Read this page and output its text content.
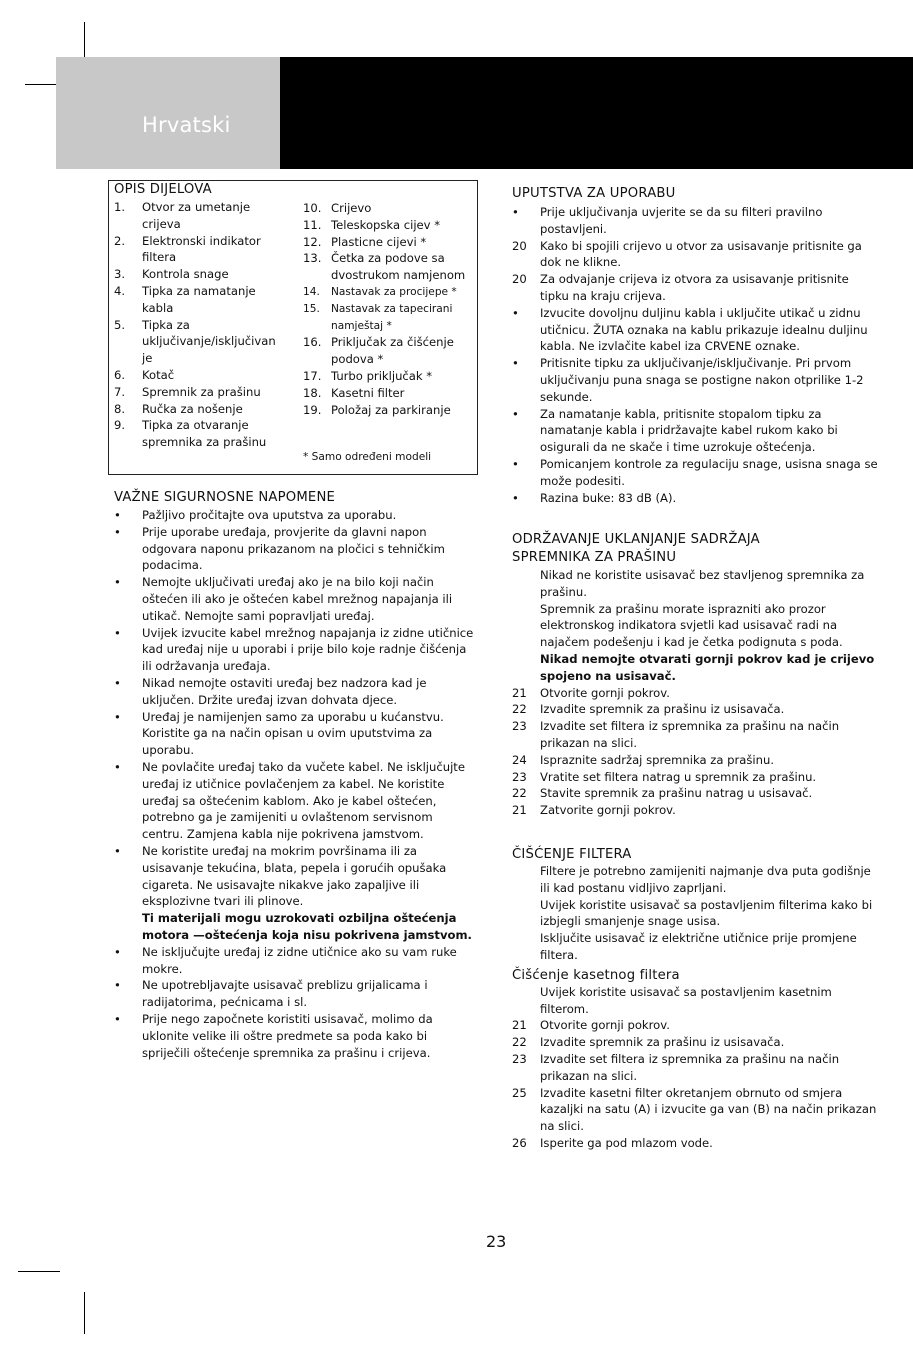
Hrvatski
OPIS DIJELOVA
1. Otvor za umetanje crijeva
2. Elektronski indikator filtera
3. Kontrola snage
4. Tipka za namatanje kabla
5. Tipka za uključivanje/isključivan je
6. Kotač
7. Spremnik za prašinu
8. Ručka za nošenje
9. Tipka za otvaranje spremnika za prašinu
10. Crijevo
11. Teleskopska cijev *
12. Plasticne cijevi *
13. Četka za podove sa dvostrukom namjenom
14. Nastavak za procijepe *
15. Nastavak za tapecirani namještaj *
16. Priključak za čišćenje podova *
17. Turbo priključak *
18. Kasetni filter
19. Položaj za parkiranje
* Samo određeni modeli
VAŽNE SIGURNOSNE NAPOMENE
• Pažljivo pročitajte ova uputstva za uporabu.
• Prije uporabe uređaja, provjerite da glavni napon odgovara naponu prikazanom na pločici s tehničkim podacima.
• Nemojte uključivati uređaj ako je na bilo koji način oštećen ili ako je oštećen kabel mrežnog napajanja ili utikač. Nemojte sami popravljati uređaj.
• Uvijek izvucite kabel mrežnog napajanja iz zidne utičnice kad uređaj nije u uporabi i prije bilo koje radnje čišćenja ili održavanja uređaja.
• Nikad nemojte ostaviti uređaj bez nadzora kad je uključen. Držite uređaj izvan dohvata djece.
• Uređaj je namijenjen samo za uporabu u kućanstvu. Koristite ga na način opisan u ovim uputstvima za uporabu.
• Ne povlačite uređaj tako da vučete kabel. Ne isključujte uređaj iz utičnice povlačenjem za kabel. Ne koristite uređaj sa oštećenim kablom. Ako je kabel oštećen, potrebno ga je zamijeniti u ovlaštenom servisnom centru. Zamjena kabla nije pokrivena jamstvom.
• Ne koristite uređaj na mokrim površinama ili za usisavanje tekućina, blata, pepela i gorućih opušaka cigareta. Ne usisavajte nikakve jako zapaljive ili eksplozivne tvari ili plinove.
Ti materijali mogu uzrokovati ozbiljna oštećenja motora —oštećenja koja nisu pokrivena jamstvom.
• Ne isključujte uređaj iz zidne utičnice ako su vam ruke mokre.
• Ne upotrebljavajte usisavač preblizu grijalicama i radijatorima, pećnicama i sl.
• Prije nego započnete koristiti usisavač, molimo da uklonite velike ili oštre predmete sa poda kako bi spriječili oštećenje spremnika za prašinu i crijeva.
UPUTSTVA ZA UPORABU
• Prije uključivanja uvjerite se da su filteri pravilno postavljeni.
20 Kako bi spojili crijevo u otvor za usisavanje pritisnite ga dok ne klikne.
20 Za odvajanje crijeva iz otvora za usisavanje pritisnite tipku na kraju crijeva.
• Izvucite dovoljnu duljinu kabla i uključite utikač u zidnu utičnicu. ŽUTA oznaka na kablu prikazuje idealnu duljinu kabla. Ne izvlačite kabel iza CRVENE oznake.
• Pritisnite tipku za uključivanje/isključivanje. Pri prvom uključivanju puna snaga se postigne nakon otprilike 1-2 sekunde.
• Za namatanje kabla, pritisnite stopalom tipku za namatanje kabla i pridržavajte kabel rukom kako bi osigurali da ne skače i time uzrokuje oštećenja.
• Pomicanjem kontrole za regulaciju snage, usisna snaga se može podesiti.
• Razina buke: 83 dB (A).
ODRŽAVANJE UKLANJANJE SADRŽAJA
SPREMNIKA ZA PRAŠINU

Nikad ne koristite usisavač bez stavljenog spremnika za prašinu.

Spremnik za prašinu morate isprazniti ako prozor elektronskog indikatora svjetli kad usisavač radi na najačem podešenju i kad je četka podignuta s poda.

Nikad nemojte otvarati gornji pokrov kad je crijevo spojeno na usisavač.

21 Otvorite gornji pokrov.
22 Izvadite spremnik za prašinu iz usisavača.
23 Izvadite set filtera iz spremnika za prašinu na način prikazan na slici.
24 Ispraznite sadržaj spremnika za prašinu.
23 Vratite set filtera natrag u spremnik za prašinu.
22 Stavite spremnik za prašinu natrag u usisavač.
21 Zatvorite gornji pokrov.
ČIŠĆENJE FILTERA

Filtere je potrebno zamijeniti najmanje dva puta godišnje ili kad postanu vidljivo zaprljani.

Uvijek koristite usisavač sa postavljenim filterima kako bi izbjegli smanjenje snage usisa.

Isključite usisavač iz električne utičnice prije promjene filtera.

Čišćenje kasetnog filtera

Uvijek koristite usisavač sa postavljenim kasetnim filterom.

21 Otvorite gornji pokrov.
22 Izvadite spremnik za prašinu iz usisavača.
23 Izvadite set filtera iz spremnika za prašinu na način prikazan na slici.
25 Izvadite kasetni filter okretanjem obrnuto od smjera kazaljki na satu (A) i izvucite ga van (B) na način prikazan na slici.
26 Isperite ga pod mlazom vode.
23
